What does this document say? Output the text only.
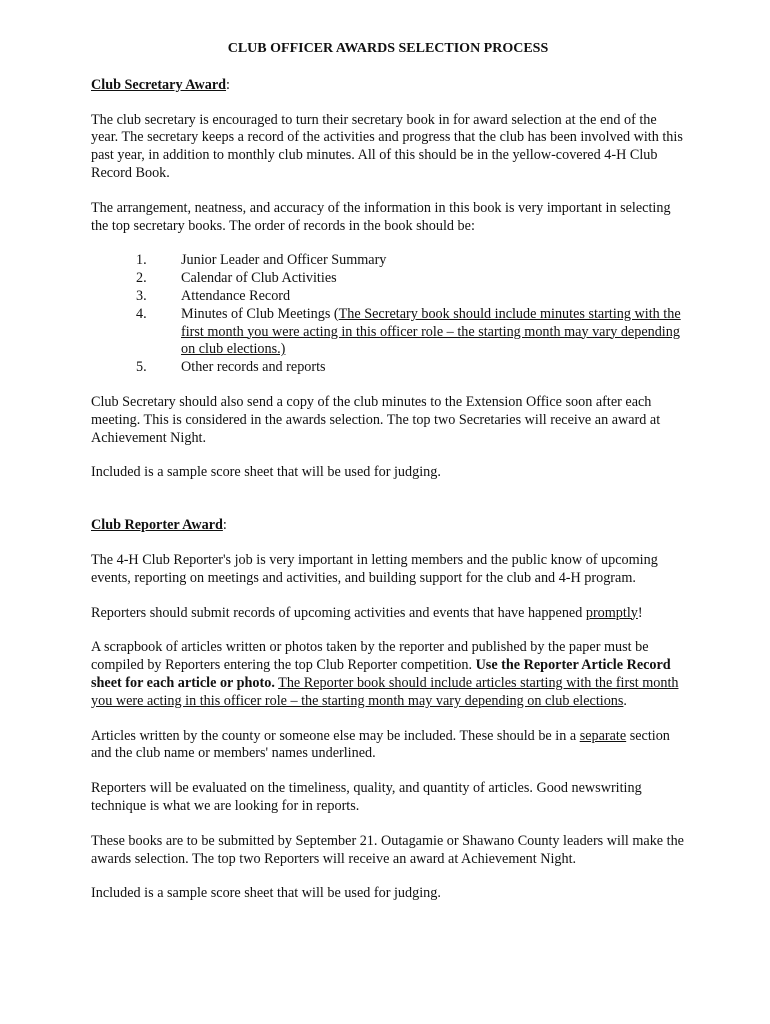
CLUB OFFICER AWARDS SELECTION PROCESS
Club Secretary Award:

The club secretary is encouraged to turn their secretary book in for award selection at the end of the year. The secretary keeps a record of the activities and progress that the club has been involved with this past year, in addition to monthly club minutes. All of this should be in the yellow-covered 4-H Club Record Book.

The arrangement, neatness, and accuracy of the information in this book is very important in selecting the top secretary books. The order of records in the book should be:

1.	Junior Leader and Officer Summary
2.	Calendar of Club Activities
3.	Attendance Record
4.	Minutes of Club Meetings (The Secretary book should include minutes starting with the first month you were acting in this officer role – the starting month may vary depending on club elections.)
5.	Other records and reports

Club Secretary should also send a copy of the club minutes to the Extension Office soon after each meeting. This is considered in the awards selection. The top two Secretaries will receive an award at Achievement Night.

Included is a sample score sheet that will be used for judging.

Club Reporter Award:

The 4-H Club Reporter's job is very important in letting members and the public know of upcoming events, reporting on meetings and activities, and building support for the club and 4-H program.

Reporters should submit records of upcoming activities and events that have happened promptly!

A scrapbook of articles written or photos taken by the reporter and published by the paper must be compiled by Reporters entering the top Club Reporter competition. Use the Reporter Article Record sheet for each article or photo. The Reporter book should include articles starting with the first month you were acting in this officer role – the starting month may vary depending on club elections.

Articles written by the county or someone else may be included. These should be in a separate section and the club name or members' names underlined.

Reporters will be evaluated on the timeliness, quality, and quantity of articles. Good newswriting technique is what we are looking for in reports.

These books are to be submitted by September 21. Outagamie or Shawano County leaders will make the awards selection. The top two Reporters will receive an award at Achievement Night.

Included is a sample score sheet that will be used for judging.
